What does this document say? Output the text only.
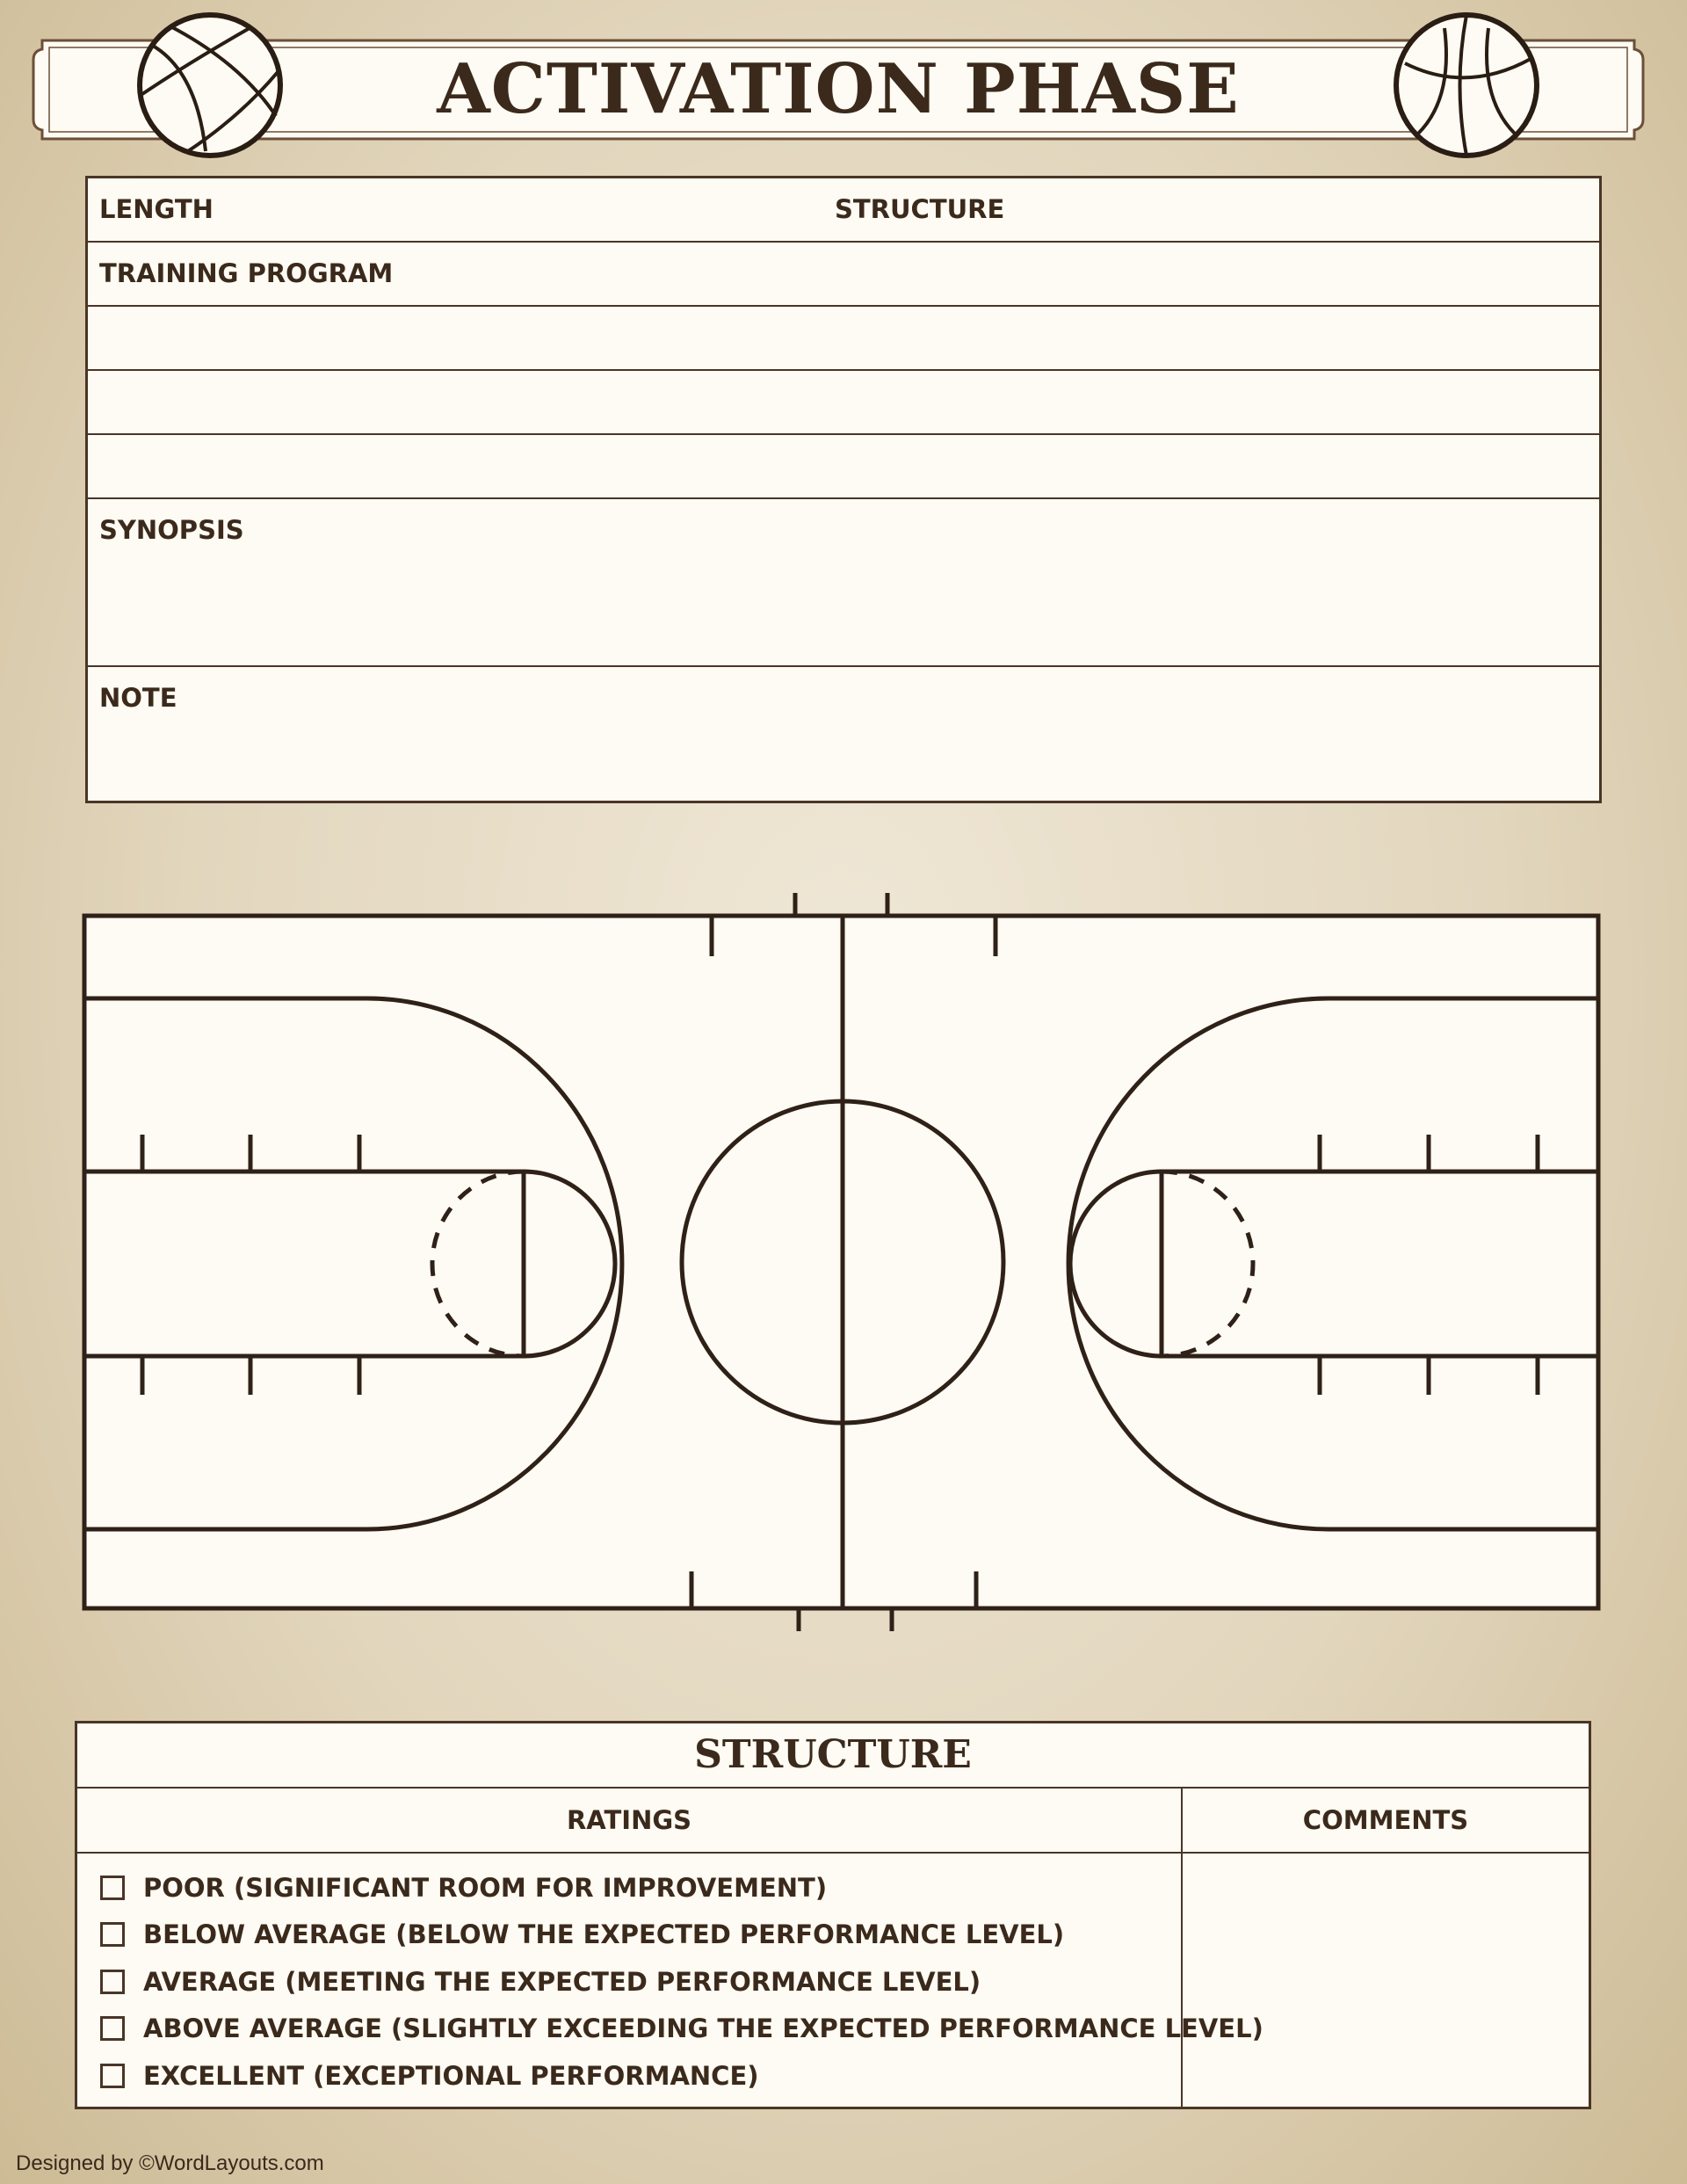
ACTIVATION PHASE
LENGTH	STRUCTURE
TRAINING PROGRAM
SYNOPSIS
NOTE
STRUCTURE
RATINGS	COMMENTS
POOR (SIGNIFICANT ROOM FOR IMPROVEMENT)
BELOW AVERAGE (BELOW THE EXPECTED PERFORMANCE LEVEL)
AVERAGE (MEETING THE EXPECTED PERFORMANCE LEVEL)
ABOVE AVERAGE (SLIGHTLY EXCEEDING THE EXPECTED PERFORMANCE LEVEL)
EXCELLENT (EXCEPTIONAL PERFORMANCE)
Designed by ©WordLayouts.com
